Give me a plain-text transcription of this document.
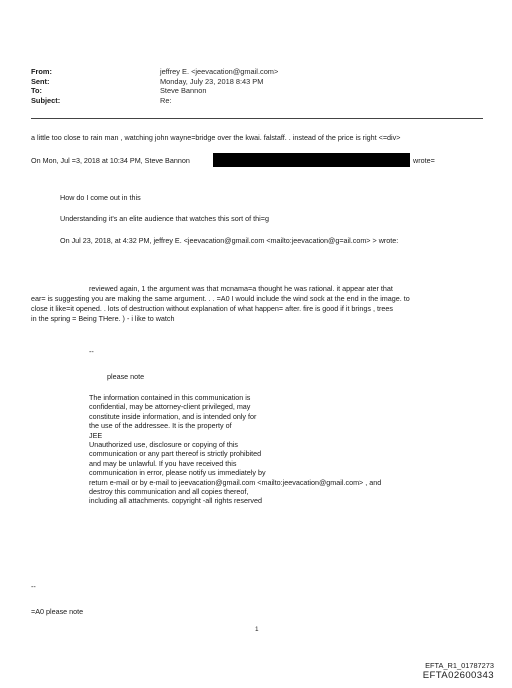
From:	jeffrey E. <jeevacation@gmail.com>
Sent:	Monday, July 23, 2018 8:43 PM
To:	Steve Bannon
Subject:	Re:
a little too close to rain man , watching john wayne=bridge over the kwai. falstaff. . instead of the price is right <=div>
On Mon, Jul =3, 2018 at 10:34 PM, Steve Bannon	wrote=
How do I come out in this
Understanding it's an elite audience that watches this sort of thi=g
On Jul 23, 2018, at 4:32 PM, jeffrey E. <jeevacation@gmail.com <mailto:jeevacation@g=ail.com> > wrote:
reviewed again, 1 the argument was that mcnama=a thought he was rational. it appear ater that
ear= is suggesting you are making the same argument. . . =A0 I would include the wind sock at the end in the image. to
close it like=it opened. . lots of destruction without explanation of what happen= after. fire is good if it brings , trees
in the spring = Being THere. ) - i like to watch
--
please note
The information contained in this communication is
confidential, may be attorney-client privileged, may
constitute inside information, and is intended only for
the use of the addressee. It is the property of
JEE
Unauthorized use, disclosure or copying of this
communication or any part thereof is strictly prohibited
and may be unlawful. If you have received this
communication in error, please notify us immediately by
return e-mail or by e-mail to jeevacation@gmail.com <mailto:jeevacation@gmail.com> , and
destroy this communication and all copies thereof,
including all attachments. copyright -all rights reserved
--
=A0 please note
1
EFTA_R1_01787273
EFTA02600343
